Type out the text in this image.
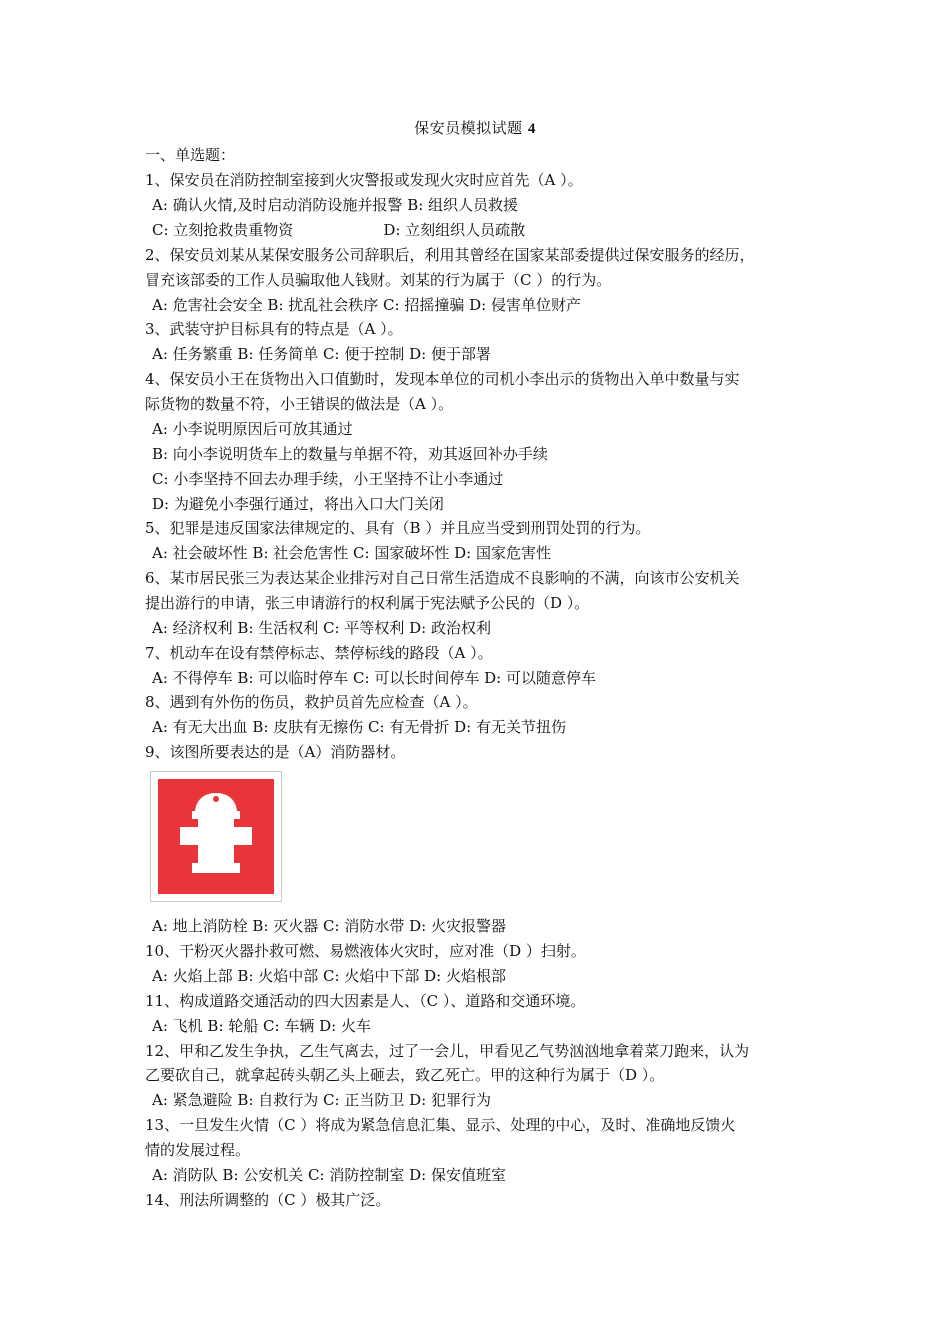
保安员模拟试题 4
一、单选题：
1、保安员在消防控制室接到火灾警报或发现火灾时应首先（A ）。
A: 确认火情,及时启动消防设施并报警 B: 组织人员救援
C: 立刻抢救贵重物资	D: 立刻组织人员疏散
2、保安员刘某从某保安服务公司辞职后，利用其曾经在国家某部委提供过保安服务的经历，
冒充该部委的工作人员骗取他人钱财。刘某的行为属于（C ）的行为。
A: 危害社会安全 B: 扰乱社会秩序 C: 招摇撞骗 D: 侵害单位财产
3、武装守护目标具有的特点是（A ）。
A: 任务繁重 B: 任务简单 C: 便于控制 D: 便于部署
4、保安员小王在货物出入口值勤时，发现本单位的司机小李出示的货物出入单中数量与实
际货物的数量不符，小王错误的做法是（A ）。
A: 小李说明原因后可放其通过
B: 向小李说明货车上的数量与单据不符，劝其返回补办手续
C: 小李坚持不回去办理手续，小王坚持不让小李通过
D: 为避免小李强行通过，将出入口大门关闭
5、犯罪是违反国家法律规定的、具有（B ）并且应当受到刑罚处罚的行为。
A: 社会破坏性 B: 社会危害性 C: 国家破坏性 D: 国家危害性
6、某市居民张三为表达某企业排污对自己日常生活造成不良影响的不满，向该市公安机关
提出游行的申请，张三申请游行的权利属于宪法赋予公民的（D ）。
A: 经济权利 B: 生活权利 C: 平等权利 D: 政治权利
7、机动车在设有禁停标志、禁停标线的路段（A ）。
A: 不得停车 B: 可以临时停车 C: 可以长时间停车 D: 可以随意停车
8、遇到有外伤的伤员，救护员首先应检查（A ）。
A: 有无大出血 B: 皮肤有无擦伤 C: 有无骨折 D: 有无关节扭伤
9、该图所要表达的是（A）消防器材。
A: 地上消防栓 B: 灭火器 C: 消防水带 D: 火灾报警器
10、干粉灭火器扑救可燃、易燃液体火灾时，应对准（D ）扫射。
A: 火焰上部 B: 火焰中部 C: 火焰中下部 D: 火焰根部
11、构成道路交通活动的四大因素是人、（C ）、道路和交通环境。
A: 飞机 B: 轮船 C: 车辆 D: 火车
12、甲和乙发生争执，乙生气离去，过了一会儿，甲看见乙气势汹汹地拿着菜刀跑来，认为
乙要砍自己，就拿起砖头朝乙头上砸去，致乙死亡。甲的这种行为属于（D ）。
A: 紧急避险 B: 自救行为 C: 正当防卫 D: 犯罪行为
13、一旦发生火情（C ）将成为紧急信息汇集、显示、处理的中心，及时、准确地反馈火
情的发展过程。
A: 消防队 B: 公安机关 C: 消防控制室 D: 保安值班室
14、刑法所调整的（C ）极其广泛。
